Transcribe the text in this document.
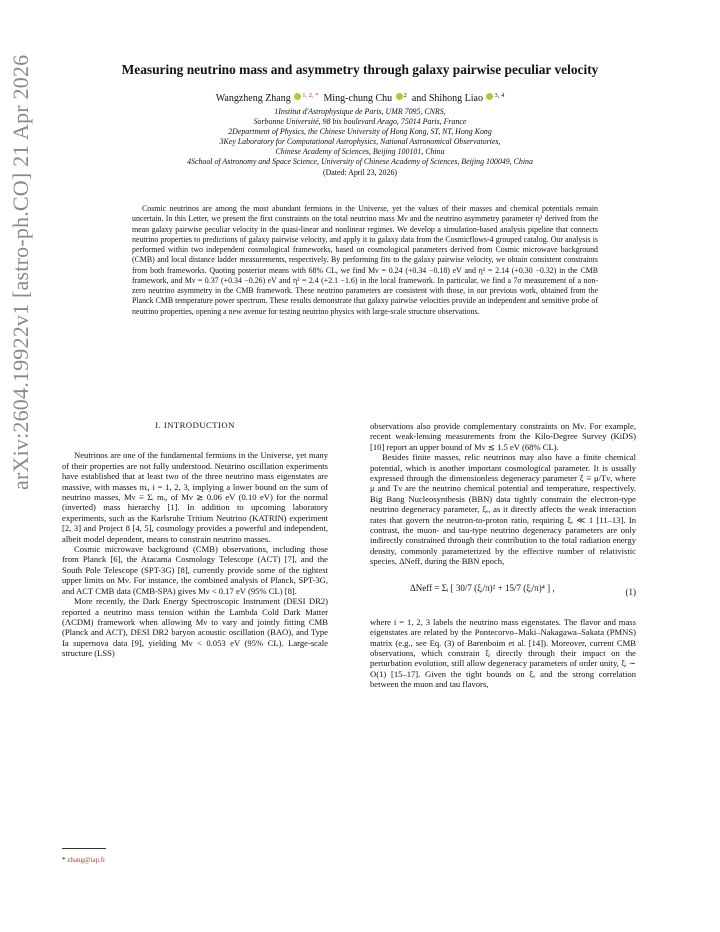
arXiv:2604.19922v1 [astro-ph.CO] 21 Apr 2026	Measuring neutrino mass and asymmetry through galaxy pairwise peculiar velocity
Wangzheng Zhang $^{1, 2, *}$ Ming-chung Chu $^2$ and Shihong Liao $^{3, 4}$
1Institut d'Astrophysique de Paris, UMR 7095, CNRS,
Sorbonne Université, 98 bis boulevard Arago, 75014 Paris, France
2Department of Physics, the Chinese University of Hong Kong, ST, NT, Hong Kong
3Key Laboratory for Computational Astrophysics, National Astronomical Observatories,
Chinese Academy of Sciences, Beijing 100101, China
4School of Astronomy and Space Science, University of Chinese Academy of Sciences, Beijing 100049, China
(Dated: April 23, 2026)

Cosmic neutrinos are among the most abundant fermions in the Universe, yet the values of their masses and chemical potentials remain uncertain. In this Letter, we present the first constraints on the total neutrino mass Mν and the neutrino asymmetry parameter η² derived from the mean galaxy pairwise peculiar velocity in the quasi-linear and nonlinear regimes. We develop a simulation-based analysis pipeline that connects neutrino properties to predictions of galaxy pairwise velocity, and apply it to galaxy data from the Cosmicflows-4 grouped catalog. Our analysis is performed within two independent cosmological frameworks, based on cosmological parameters derived from Cosmic microwave background (CMB) and local distance ladder measurements, respectively. By performing fits to the galaxy pairwise velocity, we obtain consistent constraints from both frameworks. Quoting posterior means with 68% CL, we find Mν = 0.24 (+0.34 −0.18) eV and η² = 2.14 (+0.30 −0.32) in the CMB framework, and Mν = 0.37 (+0.34 −0.26) eV and η² = 2.4 (+2.1 −1.6) in the local framework. In particular, we find a 7σ measurement of a non-zero neutrino asymmetry in the CMB framework. These neutrino parameters are consistent with those, in our previous work, obtained from the Planck CMB temperature power spectrum. These results demonstrate that galaxy pairwise velocities provide an independent and sensitive probe of neutrino properties, opening a new avenue for testing neutrino physics with large-scale structure observations.

I. INTRODUCTION

Neutrinos are one of the fundamental fermions in the Universe, yet many of their properties are not fully understood. Neutrino oscillation experiments have established that at least two of the three neutrino mass eigenstates are massive, with masses mᵢ, i = 1, 2, 3, implying a lower bound on the sum of neutrino masses, Mν ≡ Σᵢ mᵢ, of Mν ≳ 0.06 eV (0.10 eV) for the normal (inverted) mass hierarchy [1]. In addition to upcoming laboratory experiments, such as the Karlsruhe Tritium Neutrino (KATRIN) experiment [2, 3] and Project 8 [4, 5], cosmology provides a powerful and independent, albeit model dependent, means to constrain neutrino masses.

Cosmic microwave background (CMB) observations, including those from Planck [6], the Atacama Cosmology Telescope (ACT) [7], and the South Pole Telescope (SPT-3G) [8], currently provide some of the tightest upper limits on Mν. For instance, the combined analysis of Planck, SPT-3G, and ACT CMB data (CMB-SPA) gives Mν < 0.17 eV (95% CL) [8].

More recently, the Dark Energy Spectroscopic Instrument (DESI DR2) reported a neutrino mass tension within the Lambda Cold Dark Matter (ΛCDM) framework when allowing Mν to vary and jointly fitting CMB (Planck and ACT), DESI DR2 baryon acoustic oscillation (BAO), and Type Ia supernova data [9], yielding Mν < 0.053 eV (95% CL). Large-scale structure (LSS)

observations also provide complementary constraints on Mν. For example, recent weak-lensing measurements from the Kilo-Degree Survey (KiDS) [10] report an upper bound of Mν ≲ 1.5 eV (68% CL).

Besides finite masses, relic neutrinos may also have a finite chemical potential, which is another important cosmological parameter. It is usually expressed through the dimensionless degeneracy parameter ξ ≡ μ/Tν, where μ and Tν are the neutrino chemical potential and temperature, respectively. Big Bang Nucleosynthesis (BBN) data tightly constrain the electron-type neutrino degeneracy parameter, ξₑ, as it directly affects the weak interaction rates that govern the neutron-to-proton ratio, requiring ξₑ ≪ 1 [11–13]. In contrast, the muon- and tau-type neutrino degeneracy parameters are only indirectly constrained through their contribution to the total radiation energy density, commonly parameterized by the effective number of relativistic species, ΔNeff, during the BBN epoch,

ΔNeff = Σᵢ [ 30/7 (ξᵢ/π)² + 15/7 (ξᵢ/π)⁴ ] ,	(1)

where i = 1, 2, 3 labels the neutrino mass eigenstates. The flavor and mass eigenstates are related by the Pontecorvo–Maki–Nakagawa–Sakata (PMNS) matrix (e.g., see Eq. (3) of Barenboim et al. [14]). Moreover, current CMB observations, which constrain ξᵢ directly through their impact on the perturbation evolution, still allow degeneracy parameters of order unity, ξᵢ ∼ O(1) [15–17]. Given the tight bounds on ξₑ and the strong correlation between the muon and tau flavors,

* zhang@iap.fr
